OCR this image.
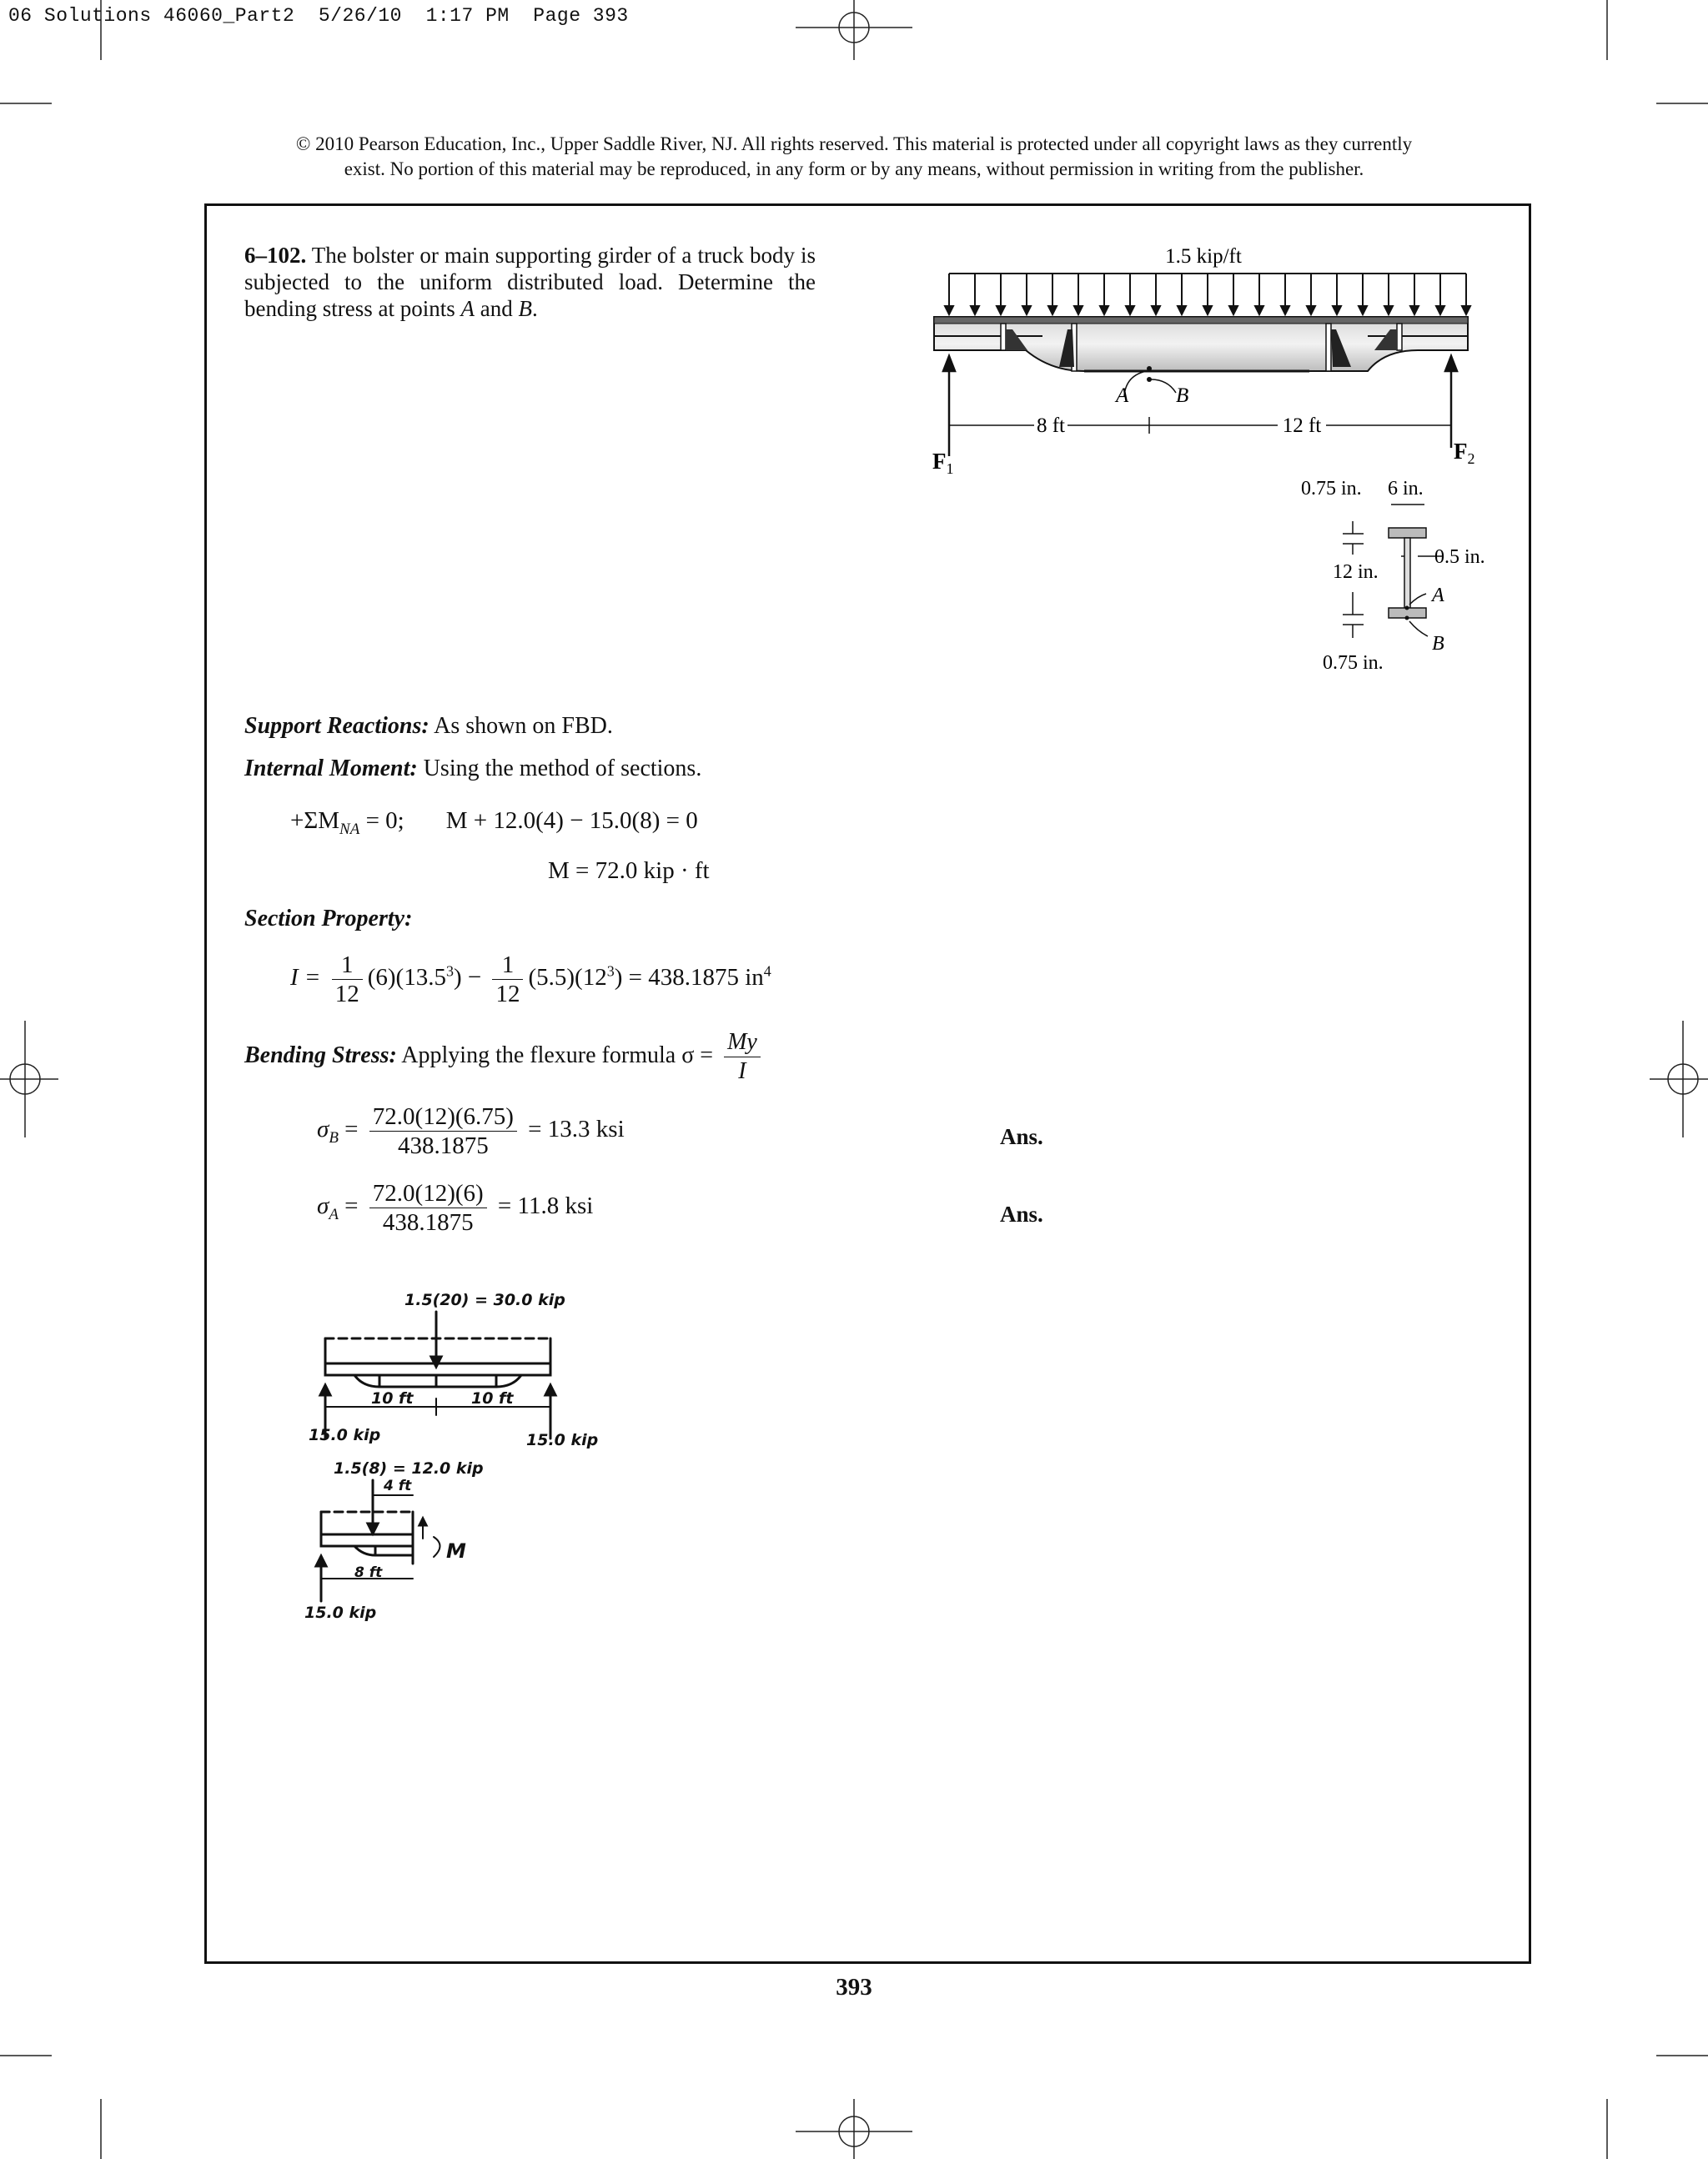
06 Solutions 46060_Part2  5/26/10  1:17 PM  Page 393
© 2010 Pearson Education, Inc., Upper Saddle River, NJ. All rights reserved. This material is protected under all copyright laws as they currently
exist. No portion of this material may be reproduced, in any form or by any means, without permission in writing from the publisher.
6–102. The bolster or main supporting girder of a truck body is subjected to the uniform distributed load. Determine the bending stress at points A and B.
1.5 kip/ft
A B
8 ft	12 ft
$F_1$
$F_2$
0.75 in. 6 in.
0.5 in.
12 in.
A
B
0.75 in.
Support Reactions: As shown on FBD.
Internal Moment: Using the method of sections.
$+\Sigma M_{NA} = 0$; M + 12.0(4) − 15.0(8) = 0
M = 72.0 kip · ft
Section Property:
$I = \frac{1}{12} (6)(13.5^3) - \frac{1}{12} (5.5)(12^3) = 438.1875$ $in^4$
Bending Stress: Applying the flexure formula $\sigma = \frac{My}{I}$
$\sigma_B = \frac{72.0(12)(6.75)}{438.1875} = 13.3$ ksi	Ans.
$\sigma_A = \frac{72.0(12)(6)}{438.1875} = 11.8$ ksi	Ans.
1.5(20) = 30.0 kip
10 ft	10 ft
15.0 kip	15.0 kip
1.5(8) = 12.0 kip
4 ft
M
8 ft
15.0 kip
393
